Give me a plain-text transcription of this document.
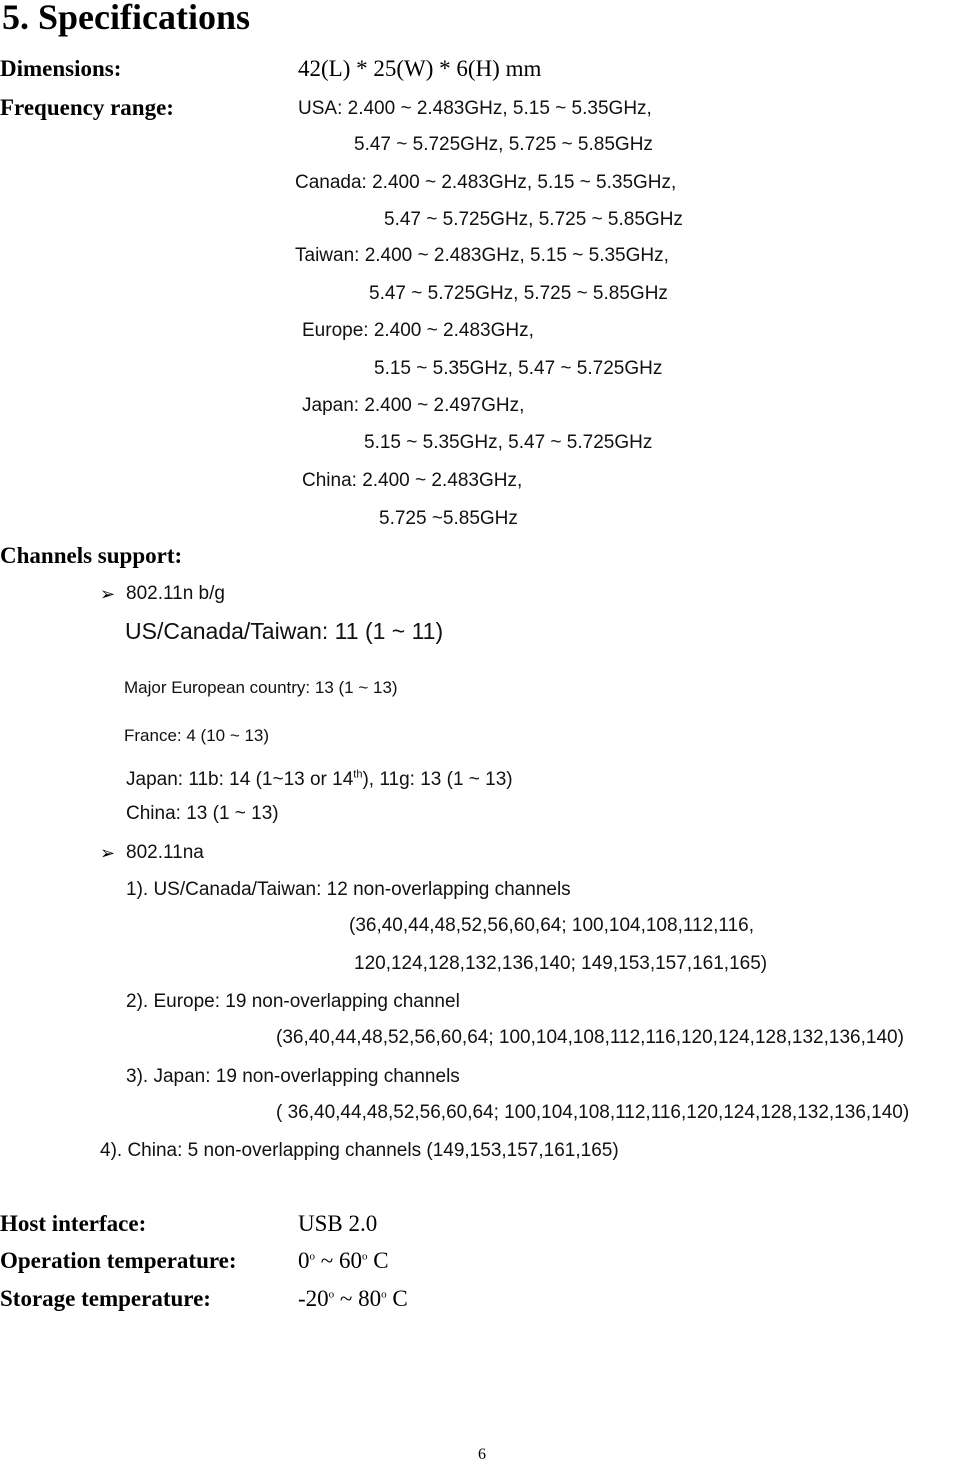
5. Specifications
Dimensions:	42(L) * 25(W) * 6(H) mm
Frequency range:	USA: 2.400 ~ 2.483GHz, 5.15 ~ 5.35GHz,
5.47 ~ 5.725GHz, 5.725 ~ 5.85GHz
Canada: 2.400 ~ 2.483GHz, 5.15 ~ 5.35GHz,
5.47 ~ 5.725GHz, 5.725 ~ 5.85GHz
Taiwan: 2.400 ~ 2.483GHz, 5.15 ~ 5.35GHz,
5.47 ~ 5.725GHz, 5.725 ~ 5.85GHz
Europe: 2.400 ~ 2.483GHz,
5.15 ~ 5.35GHz, 5.47 ~ 5.725GHz
Japan: 2.400 ~ 2.497GHz,
5.15 ~ 5.35GHz, 5.47 ~ 5.725GHz
China: 2.400 ~ 2.483GHz,
5.725 ~5.85GHz
Channels support:
➢ 802.11n b/g
US/Canada/Taiwan: 11 (1 ~ 11)
Major European country: 13 (1 ~ 13)
France: 4 (10 ~ 13)
Japan: 11b: 14 (1~13 or 14th), 11g: 13 (1 ~ 13)
China: 13 (1 ~ 13)
➢ 802.11na
1). US/Canada/Taiwan: 12 non-overlapping channels
(36,40,44,48,52,56,60,64; 100,104,108,112,116,
120,124,128,132,136,140; 149,153,157,161,165)
2). Europe: 19 non-overlapping channel
(36,40,44,48,52,56,60,64; 100,104,108,112,116,120,124,128,132,136,140)
3). Japan: 19 non-overlapping channels
( 36,40,44,48,52,56,60,64; 100,104,108,112,116,120,124,128,132,136,140)
4). China: 5 non-overlapping channels (149,153,157,161,165)
Host interface:	USB 2.0
Operation temperature:	0$^o$ ~ 60$^o$ C
Storage temperature:	-20$^o$ ~ 80$^o$ C
6
